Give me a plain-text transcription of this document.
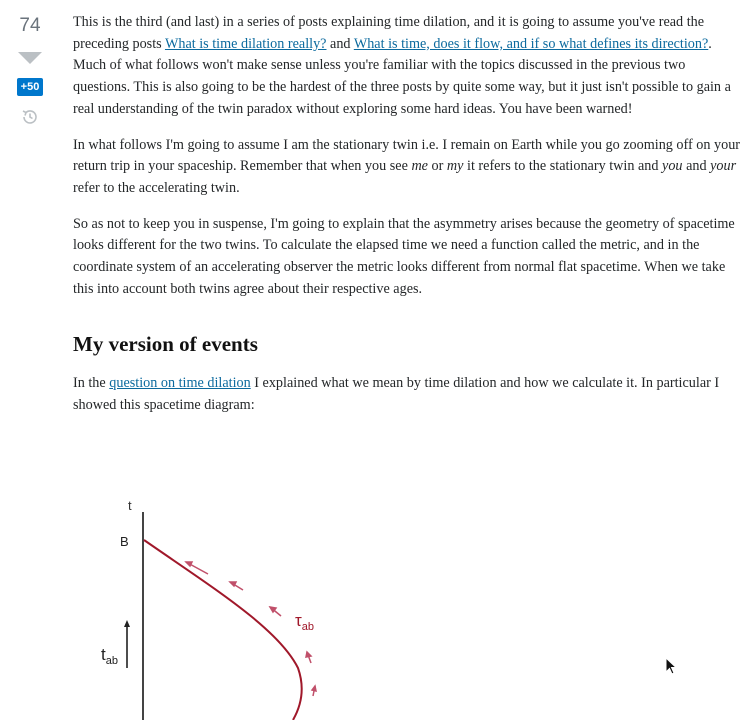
74
+50

This is the third (and last) in a series of posts explaining time dilation, and it is going to assume you've read the preceding posts What is time dilation really? and What is time, does it flow, and if so what defines its direction?. Much of what follows won't make sense unless you're familiar with the topics discussed in the previous two questions. This is also going to be the hardest of the three posts by quite some way, but it just isn't possible to gain a real understanding of the twin paradox without exploring some hard ideas. You have been warned!

In what follows I'm going to assume I am the stationary twin i.e. I remain on Earth while you go zooming off on your return trip in your spaceship. Remember that when you see me or my it refers to the stationary twin and you and your refer to the accelerating twin.

So as not to keep you in suspense, I'm going to explain that the asymmetry arises because the geometry of spacetime looks different for the two twins. To calculate the elapsed time we need a function called the metric, and in the coordinate system of an accelerating observer the metric looks different from normal flat spacetime. When we take this into account both twins agree about their respective ages.

My version of events

In the question on time dilation I explained what we mean by time dilation and how we calculate it. In particular I showed this spacetime diagram:

t
B
$\tau_{ab}$
$t_{ab}$
